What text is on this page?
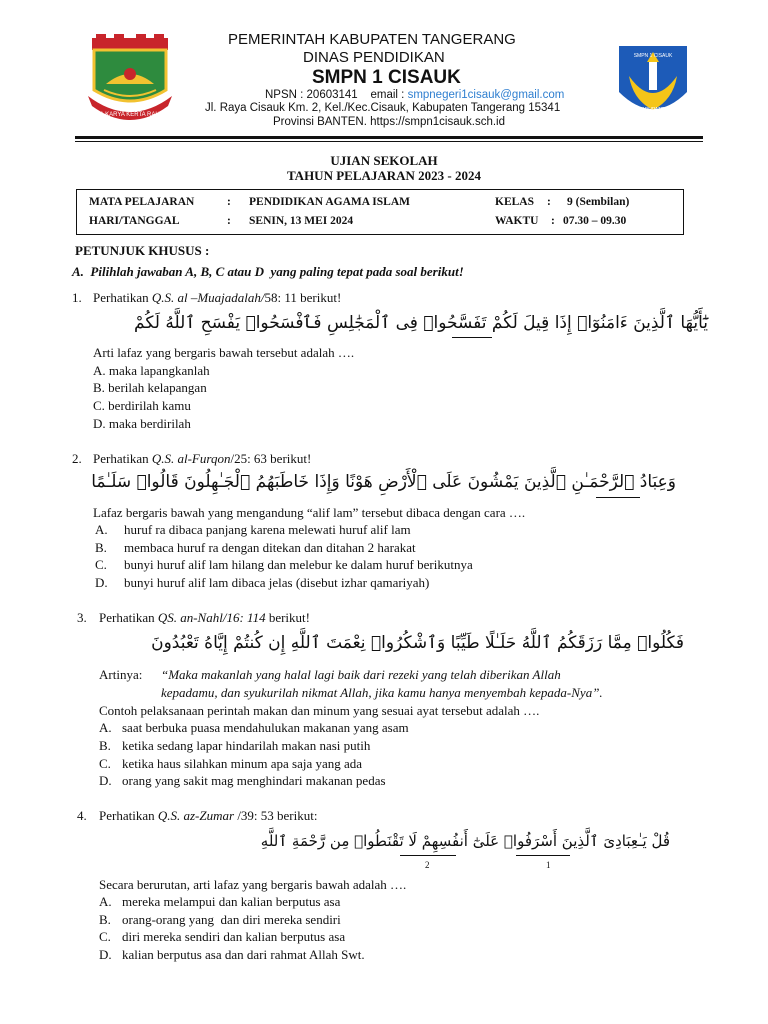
SATYA KARYA KERTA RAHARJA
PEMERINTAH KABUPATEN TANGERANG
DINAS PENDIDIKAN
SMPN 1 CISAUK
NPSN : 20603141    email : smpnegeri1cisauk@gmail.com
Jl. Raya Cisauk Km. 2, Kel./Kec.Cisauk, Kabupaten Tangerang 15341
Provinsi BANTEN. https://smpn1cisauk.sch.id
SMPN 1 CISAUK
KABUPATEN
TANGERANG
UJIAN SEKOLAH
TAHUN PELAJARAN 2023 - 2024
MATA PELAJARAN	: PENDIDIKAN AGAMA ISLAM	KELAS : 9 (Sembilan)
HARI/TANGGAL	: SENIN, 13 MEI 2024	WAKTU : 07.30 – 09.30
PETUNJUK KHUSUS :
A.  Pilihlah jawaban A, B, C atau D  yang paling tepat pada soal berikut!
1. Perhatikan Q.S. al –Muajadalah/58: 11 berikut!
يَٰٓأَيُّهَا ٱلَّذِينَ ءَامَنُوٓا۟ إِذَا قِيلَ لَكُمْ تَفَسَّحُوا۟ فِى ٱلْمَجَٰلِسِ فَٱفْسَحُوا۟ يَفْسَحِ ٱللَّهُ لَكُمْ
Arti lafaz yang bergaris bawah tersebut adalah ….
A. maka lapangkanlah
B. berilah kelapangan
C. berdirilah kamu
D. maka berdirilah
2. Perhatikan Q.S. al-Furqon/25: 63 berikut!
وَعِبَادُ ٱلرَّحْمَـٰنِ ٱلَّذِينَ يَمْشُونَ عَلَى ٱلْأَرْضِ هَوْنًا وَإِذَا خَاطَبَهُمُ ٱلْجَـٰهِلُونَ قَالُوا۟ سَلَـٰمًا
Lafaz bergaris bawah yang mengandung “alif lam” tersebut dibaca dengan cara ….
A. huruf ra dibaca panjang karena melewati huruf alif lam
B. membaca huruf ra dengan ditekan dan ditahan 2 harakat
C. bunyi huruf alif lam hilang dan melebur ke dalam huruf berikutnya
D. bunyi huruf alif lam dibaca jelas (disebut izhar qamariyah)
3. Perhatikan QS. an-Nahl/16: 114 berikut!
فَكُلُوا۟ مِمَّا رَزَقَكُمُ ٱللَّهُ حَلَـٰلًا طَيِّبًا وَٱشْكُرُوا۟ نِعْمَتَ ٱللَّهِ إِن كُنتُمْ إِيَّاهُ تَعْبُدُونَ
Artinya: “Maka makanlah yang halal lagi baik dari rezeki yang telah diberikan Allah
kepadamu, dan syukurilah nikmat Allah, jika kamu hanya menyembah kepada-Nya”.
Contoh pelaksanaan perintah makan dan minum yang sesuai ayat tersebut adalah ….
A. saat berbuka puasa mendahulukan makanan yang asam
B. ketika sedang lapar hindarilah makan nasi putih
C. ketika haus silahkan minum apa saja yang ada
D. orang yang sakit mag menghindari makanan pedas
4. Perhatikan Q.S. az-Zumar /39: 53 berikut:
قُلْ يَـٰعِبَادِىَ ٱلَّذِينَ أَسْرَفُوا۟ عَلَىٰٓ أَنفُسِهِمْ لَا تَقْنَطُوا۟ مِن رَّحْمَةِ ٱللَّهِ
1
2
Secara berurutan, arti lafaz yang bergaris bawah adalah ….
A. mereka melampui dan kalian berputus asa
B. orang-orang yang  dan diri mereka sendiri
C. diri mereka sendiri dan kalian berputus asa
D. kalian berputus asa dan dari rahmat Allah Swt.
